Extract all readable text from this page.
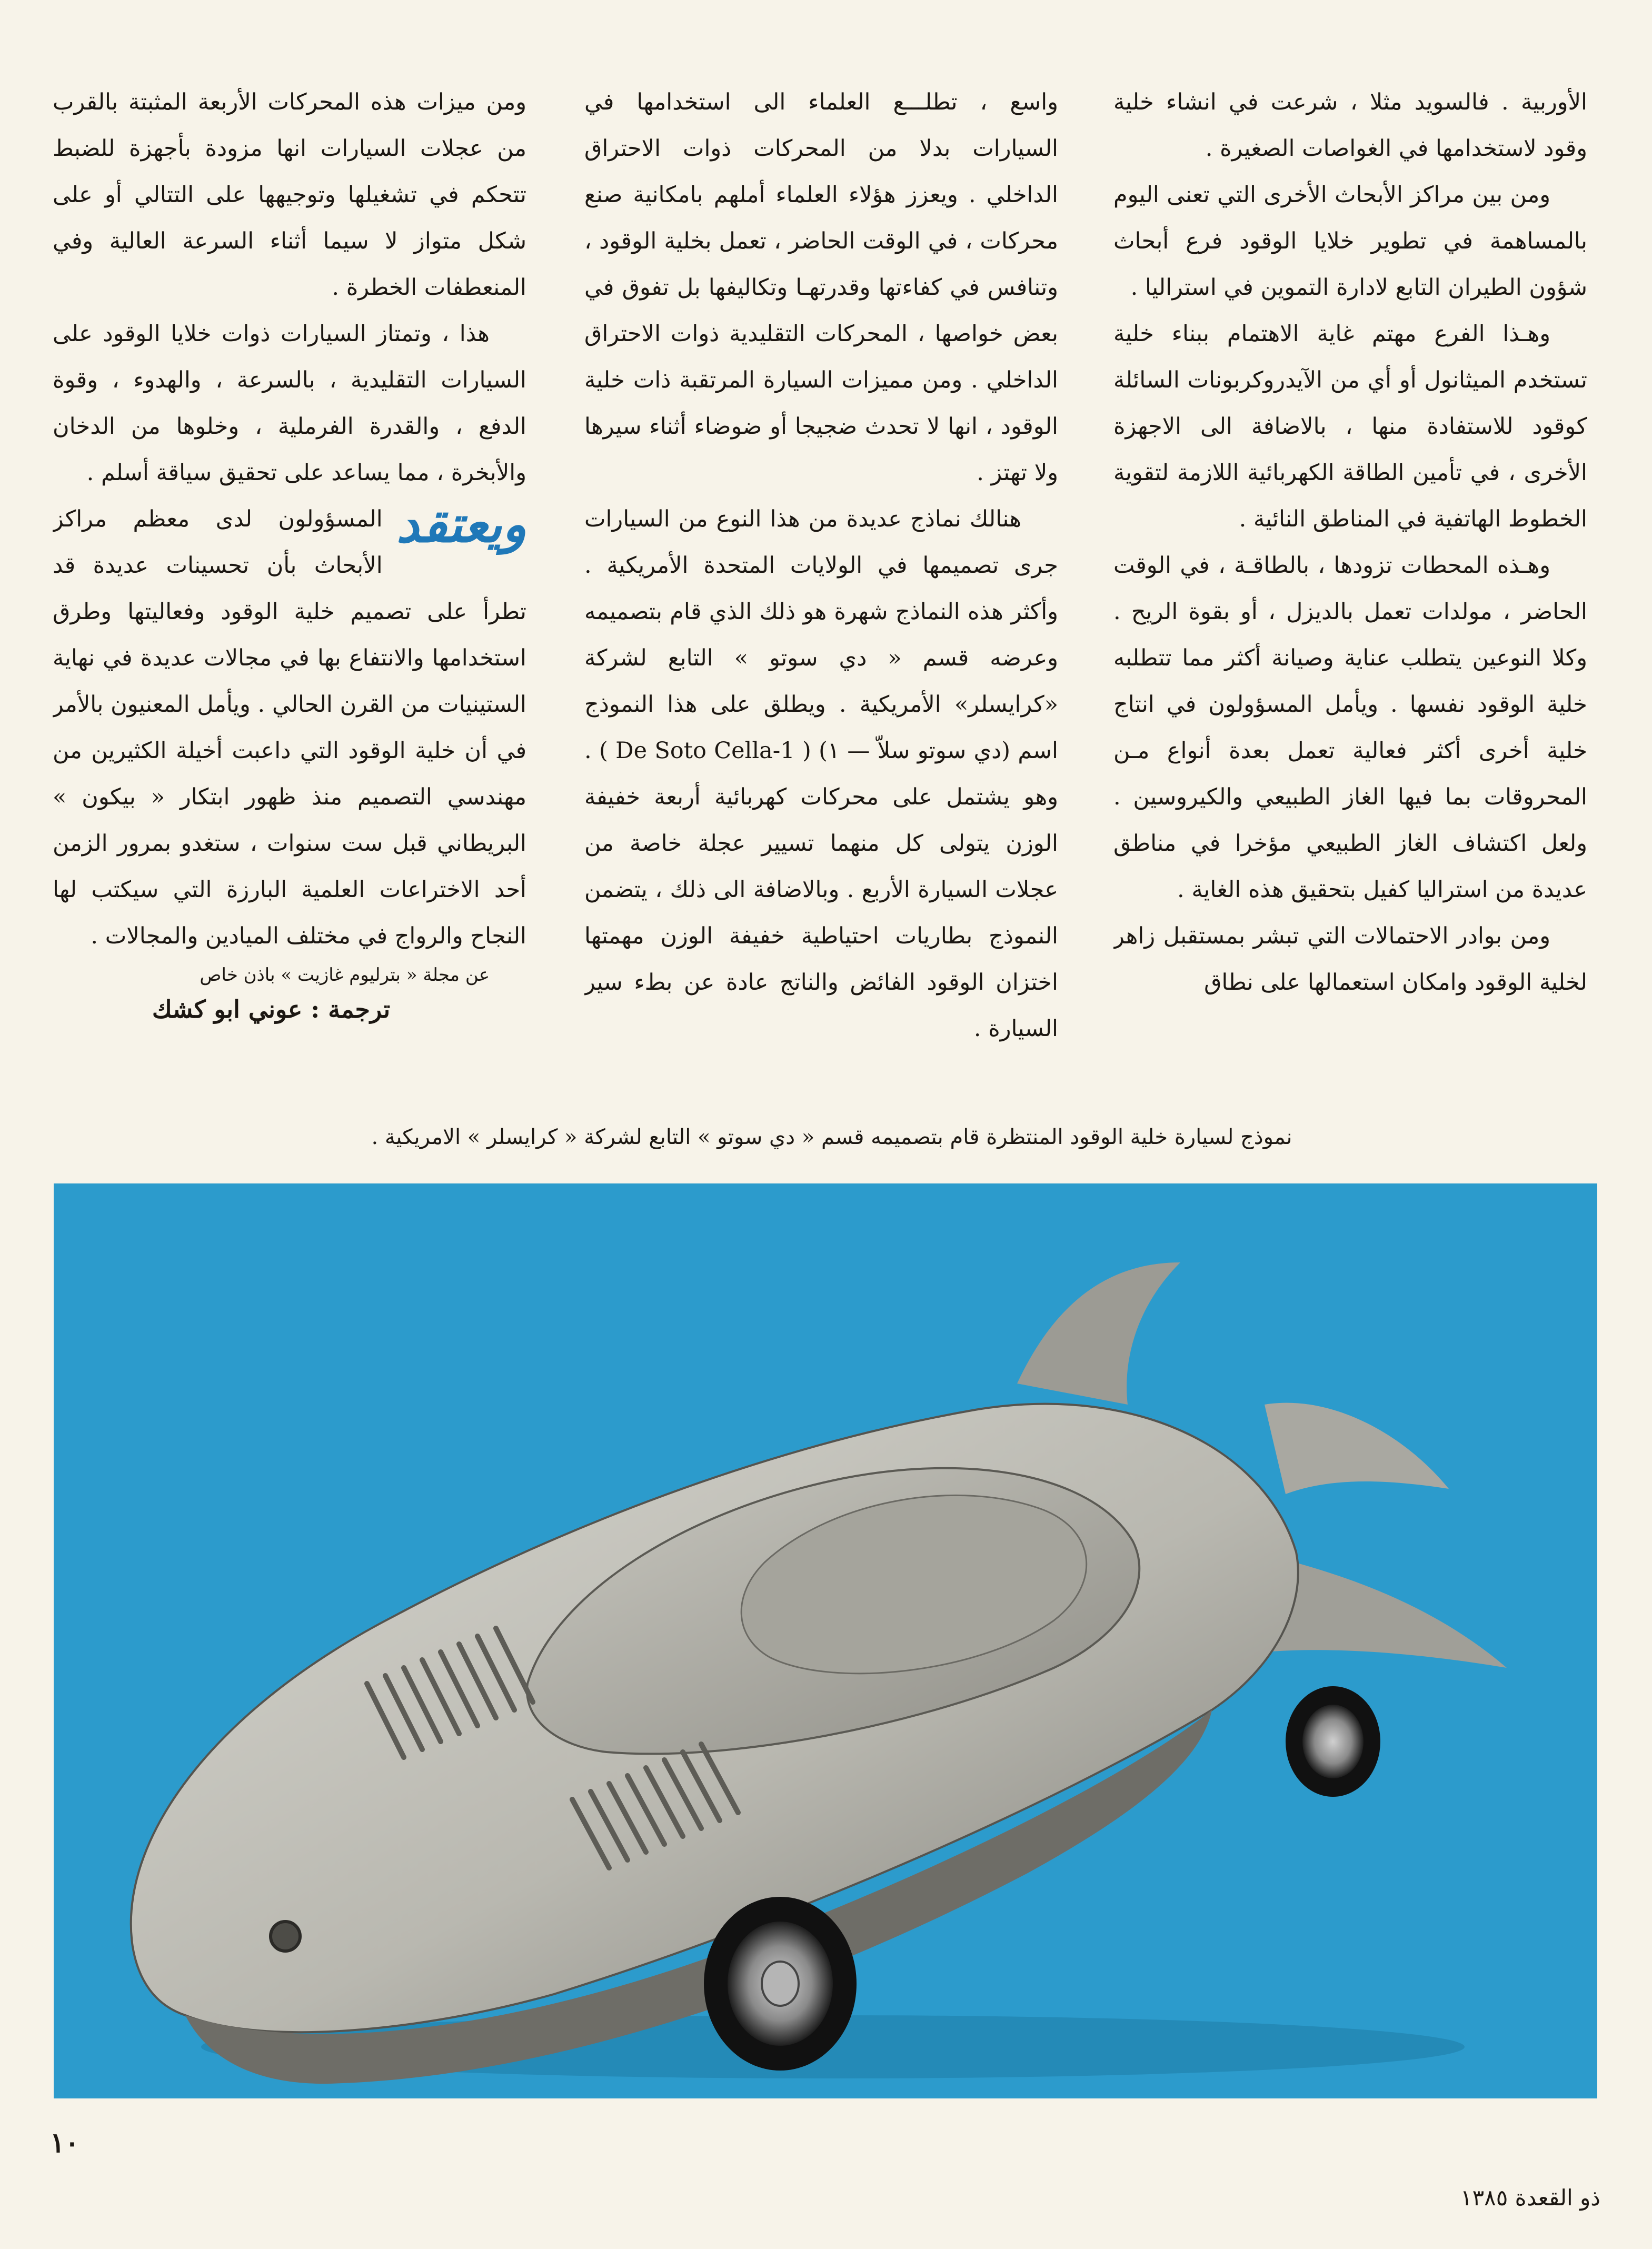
الأوربية . فالسويد مثلا ، شرعت في انشاء خلية وقود لاستخدامها في الغواصات الصغيرة .

ومن بين مراكز الأبحاث الأخرى التي تعنى اليوم بالمساهمة في تطوير خلايا الوقود فرع أبحاث شؤون الطيران التابع لادارة التموين في استراليا .

وهـذا الفرع مهتم غاية الاهتمام ببناء خلية تستخدم الميثانول أو أي من الآيدروكربونات السائلة كوقود للاستفادة منها ، بالاضافة الى الاجهزة الأخرى ، في تأمين الطاقة الكهربائية اللازمة لتقوية الخطوط الهاتفية في المناطق النائية .

وهـذه المحطات تزودها ، بالطاقـة ، في الوقت الحاضر ، مولدات تعمل بالديزل ، أو بقوة الريح . وكلا النوعين يتطلب عناية وصيانة أكثر مما تتطلبه خلية الوقود نفسها . ويأمل المسؤولون في انتاج خلية أخرى أكثر فعالية تعمل بعدة أنواع مـن المحروقات بما فيها الغاز الطبيعي والكيروسين . ولعل اكتشاف الغاز الطبيعي مؤخرا في مناطق عديدة من استراليا كفيل بتحقيق هذه الغاية .

ومن بوادر الاحتمالات التي تبشر بمستقبل زاهر لخلية الوقود وامكان استعمالها على نطاق

واسع ، تطلـــع العلماء الى استخدامها في السيارات بدلا من المحركات ذوات الاحتراق الداخلي . ويعزز هؤلاء العلماء أملهم بامكانية صنع محركات ، في الوقت الحاضر ، تعمل بخلية الوقود ، وتنافس في كفاءتها وقدرتهـا وتكاليفها بل تفوق في بعض خواصها ، المحركات التقليدية ذوات الاحتراق الداخلي . ومن مميزات السيارة المرتقبة ذات خلية الوقود ، انها لا تحدث ضجيجا أو ضوضاء أثناء سيرها ولا تهتز .

هنالك نماذج عديدة من هذا النوع من السيارات جرى تصميمها في الولايات المتحدة الأمريكية . وأكثر هذه النماذج شهرة هو ذلك الذي قام بتصميمه وعرضه قسم « دي سوتو » التابع لشركة «كرايسلر» الأمريكية . ويطلق على هذا النموذج اسم (دي سوتو سلاّ — ١) ( De Soto Cella-1 ) . وهو يشتمل على محركات كهربائية أربعة خفيفة الوزن يتولى كل منهما تسيير عجلة خاصة من عجلات السيارة الأربع . وبالاضافة الى ذلك ، يتضمن النموذج بطاريات احتياطية خفيفة الوزن مهمتها اختزان الوقود الفائض والناتج عادة عن بطء سير السيارة .

ومن ميزات هذه المحركات الأربعة المثبتة بالقرب من عجلات السيارات انها مزودة بأجهزة للضبط تتحكم في تشغيلها وتوجيهها على التتالي أو على شكل متواز لا سيما أثناء السرعة العالية وفي المنعطفات الخطرة .

هذا ، وتمتاز السيارات ذوات خلايا الوقود على السيارات التقليدية ، بالسرعة ، والهدوء ، وقوة الدفع ، والقدرة الفرملية ، وخلوها من الدخان والأبخرة ، مما يساعد على تحقيق سياقة أسلم .

ويعتقد
المسؤولون لدى معظم مراكز الأبحاث بأن تحسينات عديدة قد تطرأ على تصميم خلية الوقود وفعاليتها وطرق استخدامها والانتفاع بها في مجالات عديدة في نهاية الستينيات من القرن الحالي . ويأمل المعنيون بالأمر في أن خلية الوقود التي داعبت أخيلة الكثيرين من مهندسي التصميم منذ ظهور ابتكار « بيكون » البريطاني قبل ست سنوات ، ستغدو بمرور الزمن أحد الاختراعات العلمية البارزة التي سيكتب لها النجاح والرواج في مختلف الميادين والمجالات .

عن مجلة « بترليوم غازيت » باذن خاص

ترجمة : عوني ابو كشك

نموذج لسيارة خلية الوقود المنتظرة قام بتصميمه قسم « دي سوتو » التابع لشركة « كرايسلر » الامريكية .
١٠
ذو القعدة ١٣٨٥
